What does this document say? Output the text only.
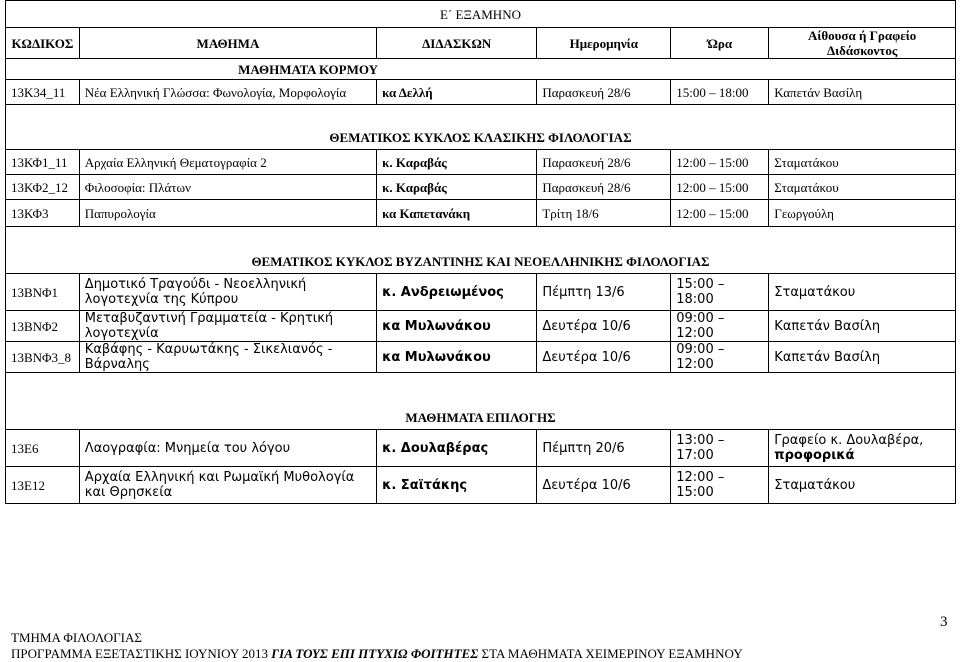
Ε΄ ΕΞΑΜΗΝΟ					
ΚΩΔΙΚΟΣ	ΜΑΘΗΜΑ	ΔΙΔΑΣΚΩΝ	Ημερομηνία	Ώρα	Αίθουσα ή Γραφείο Διδάσκοντος
	ΜΑΘΗΜΑΤΑ ΚΟΡΜΟΥ				
13Κ34_11	Νέα Ελληνική Γλώσσα: Φωνολογία, Μορφολογία	κα Δελλή	Παρασκευή 28/6	15:00 – 18:00	Καπετάν Βασίλη
ΘΕΜΑΤΙΚΟΣ ΚΥΚΛΟΣ ΚΛΑΣΙΚΗΣ ΦΙΛΟΛΟΓΙΑΣ					
13ΚΦ1_11	Αρχαία Ελληνική Θεματογραφία 2	κ. Καραβάς	Παρασκευή 28/6	12:00 – 15:00	Σταματάκου
13ΚΦ2_12	Φιλοσοφία: Πλάτων	κ. Καραβάς	Παρασκευή 28/6	12:00 – 15:00	Σταματάκου
13ΚΦ3	Παπυρολογία	κα Καπετανάκη	Τρίτη 18/6	12:00 – 15:00	Γεωργούλη
ΘΕΜΑΤΙΚΟΣ ΚΥΚΛΟΣ ΒΥΖΑΝΤΙΝΗΣ ΚΑΙ ΝΕΟΕΛΛΗΝΙΚΗΣ ΦΙΛΟΛΟΓΙΑΣ					
13ΒΝΦ1	Δημοτικό Τραγούδι - Νεοελληνική λογοτεχνία της Κύπρου	κ. Ανδρειωμένος	Πέμπτη 13/6	15:00 – 18:00	Σταματάκου
13ΒΝΦ2	Μεταβυζαντινή Γραμματεία - Κρητική λογοτεχνία	κα Μυλωνάκου	Δευτέρα 10/6	09:00 – 12:00	Καπετάν Βασίλη
13ΒΝΦ3_8	Καβάφης - Καρυωτάκης - Σικελιανός - Βάρναλης	κα Μυλωνάκου	Δευτέρα 10/6	09:00 – 12:00	Καπετάν Βασίλη
ΜΑΘΗΜΑΤΑ ΕΠΙΛΟΓΗΣ					
13Ε6	Λαογραφία: Μνημεία του λόγου	κ. Δουλαβέρας	Πέμπτη 20/6	13:00 – 17:00	Γραφείο κ. Δουλαβέρα,
προφορικά
13Ε12	Αρχαία Ελληνική και Ρωμαϊκή Μυθολογία και Θρησκεία	κ. Σαϊτάκης	Δευτέρα 10/6	12:00 – 15:00	Σταματάκου
3
ΤΜΗΜΑ ΦΙΛΟΛΟΓΙΑΣ
ΠΡΟΓΡΑΜΜΑ ΕΞΕΤΑΣΤΙΚΗΣ ΙΟΥΝΙΟΥ 2013 ΓΙΑ ΤΟΥΣ ΕΠΙ ΠΤΥΧΙΩ ΦΟΙΤΗΤΕΣ ΣΤΑ ΜΑΘΗΜΑΤΑ ΧΕΙΜΕΡΙΝΟΥ ΕΞΑΜΗΝΟΥ
